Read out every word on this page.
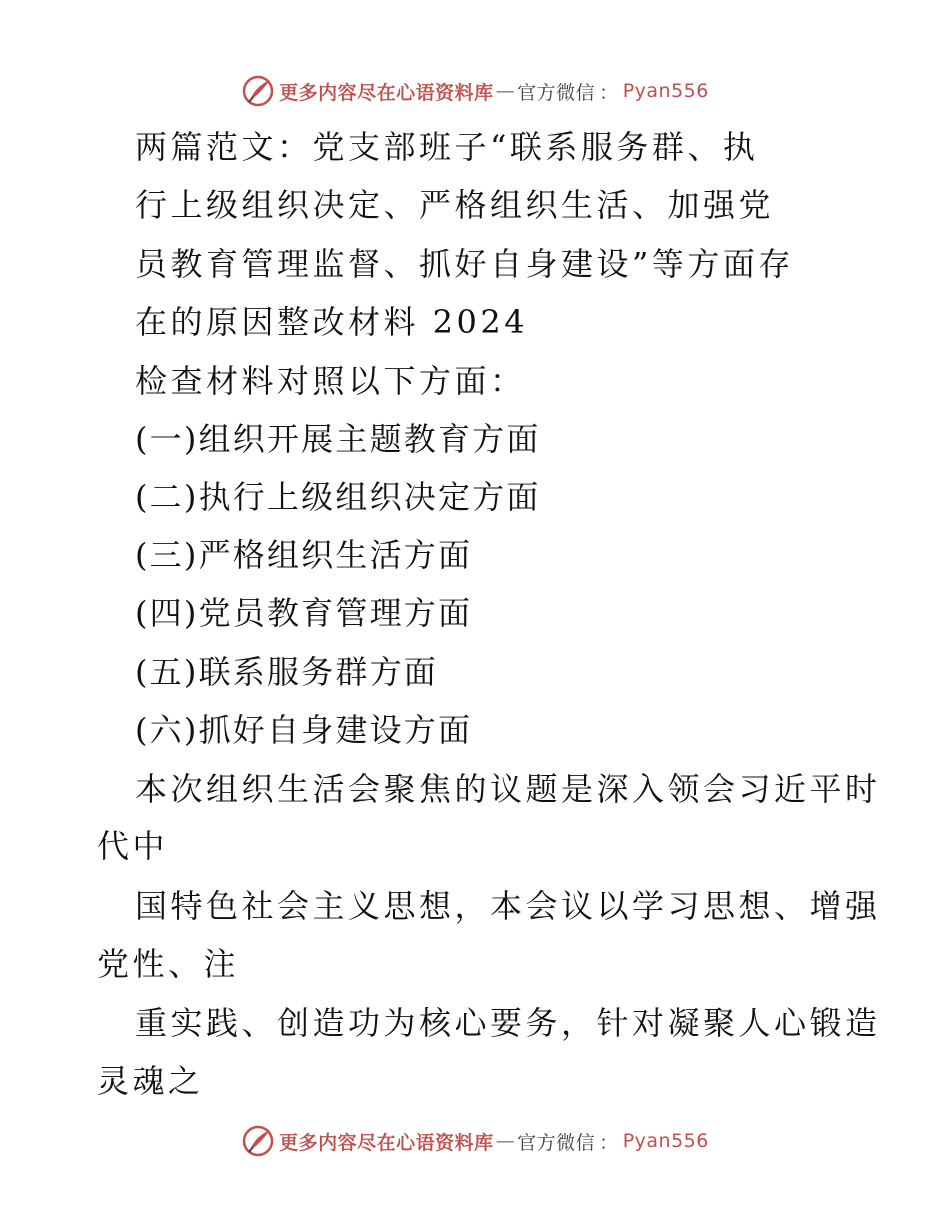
更多内容尽在心语资料库 — 官方微信 ： Pyan556
两篇范文：党支部班子“联系服务群、执
行上级组织决定、严格组织生活、加强党
员教育管理监督、抓好自身建设”等方面存
在的原因整改材料 2024
检查材料对照以下方面：
(一)组织开展主题教育方面
(二)执行上级组织决定方面
(三)严格组织生活方面
(四)党员教育管理方面
(五)联系服务群方面
(六)抓好自身建设方面
本次组织生活会聚焦的议题是深入领会习近平时
代中
国特色社会主义思想，本会议以学习思想、增强
党性、注
重实践、创造功为核心要务，针对凝聚人心锻造
灵魂之
更多内容尽在心语资料库 — 官方微信 ： Pyan556
